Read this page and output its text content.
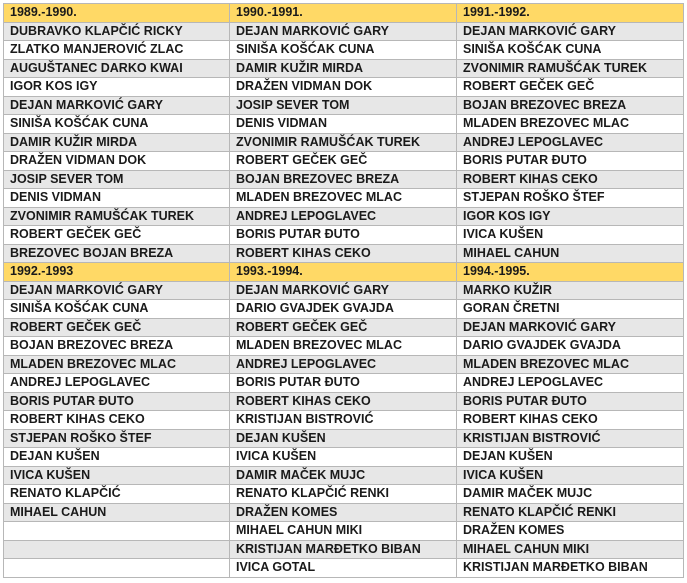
1989.-1990.	1990.-1991.	1991.-1992.
DUBRAVKO KLAPČIĆ RICKY	DEJAN MARKOVIĆ GARY	DEJAN MARKOVIĆ GARY
ZLATKO MANJEROVIĆ ZLAC	SINIŠA KOŠĆAK CUNA	SINIŠA KOŠĆAK CUNA
AUGUŠTANEC DARKO KWAI	DAMIR KUŽIR MIRDA	ZVONIMIR RAMUŠĆAK TUREK
IGOR KOS IGY	DRAŽEN VIDMAN DOK	ROBERT GEČEK GEČ
DEJAN MARKOVIĆ GARY	JOSIP SEVER TOM	BOJAN BREZOVEC BREZA
SINIŠA KOŠĆAK CUNA	DENIS VIDMAN	MLADEN BREZOVEC MLAC
DAMIR KUŽIR MIRDA	ZVONIMIR RAMUŠĆAK TUREK	ANDREJ LEPOGLAVEC
DRAŽEN VIDMAN DOK	ROBERT GEČEK GEČ	BORIS PUTAR ĐUTO
JOSIP SEVER TOM	BOJAN BREZOVEC BREZA	ROBERT KIHAS CEKO
DENIS VIDMAN	MLADEN BREZOVEC MLAC	STJEPAN ROŠKO ŠTEF
ZVONIMIR RAMUŠĆAK TUREK	ANDREJ LEPOGLAVEC	IGOR KOS IGY
ROBERT GEČEK GEČ	BORIS PUTAR ĐUTO	IVICA KUŠEN
BREZOVEC BOJAN BREZA	ROBERT KIHAS CEKO	MIHAEL CAHUN
1992.-1993	1993.-1994.	1994.-1995.
DEJAN MARKOVIĆ GARY	DEJAN MARKOVIĆ GARY	MARKO KUŽIR
SINIŠA KOŠĆAK CUNA	DARIO GVAJDEK GVAJDA	GORAN ČRETNI
ROBERT GEČEK GEČ	ROBERT GEČEK GEČ	DEJAN MARKOVIĆ GARY
BOJAN BREZOVEC BREZA	MLADEN BREZOVEC MLAC	DARIO GVAJDEK GVAJDA
MLADEN BREZOVEC MLAC	ANDREJ LEPOGLAVEC	MLADEN BREZOVEC MLAC
ANDREJ LEPOGLAVEC	BORIS PUTAR ĐUTO	ANDREJ LEPOGLAVEC
BORIS PUTAR ĐUTO	ROBERT KIHAS CEKO	BORIS PUTAR ĐUTO
ROBERT KIHAS CEKO	KRISTIJAN BISTROVIĆ	ROBERT KIHAS CEKO
STJEPAN ROŠKO ŠTEF	DEJAN KUŠEN	KRISTIJAN BISTROVIĆ
DEJAN KUŠEN	IVICA KUŠEN	DEJAN KUŠEN
IVICA KUŠEN	DAMIR MAČEK MUJC	IVICA KUŠEN
RENATO KLAPČIĆ	RENATO KLAPČIĆ RENKI	DAMIR MAČEK MUJC
MIHAEL CAHUN	DRAŽEN KOMES	RENATO KLAPČIĆ RENKI
	MIHAEL CAHUN MIKI	DRAŽEN KOMES
	KRISTIJAN MARĐETKO BIBAN	MIHAEL CAHUN MIKI
	IVICA GOTAL	KRISTIJAN MARĐETKO BIBAN
